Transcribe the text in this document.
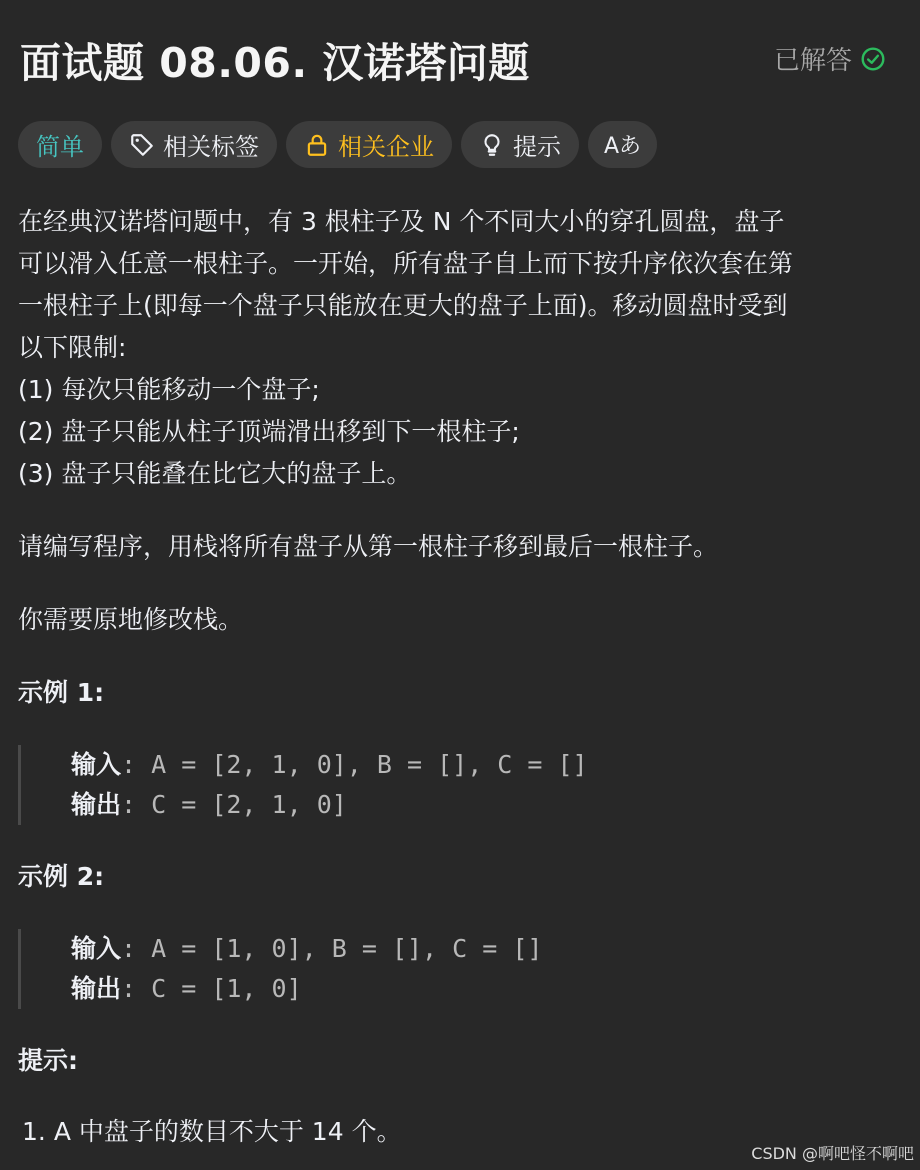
面试题 08.06. 汉诺塔问题	已解答
简单	相关标签	相关企业	提示 Aあ

在经典汉诺塔问题中，有 3 根柱子及 N 个不同大小的穿孔圆盘，盘子

可以滑入任意一根柱子。一开始，所有盘子自上而下按升序依次套在第

一根柱子上(即每一个盘子只能放在更大的盘子上面)。移动圆盘时受到

以下限制:

(1) 每次只能移动一个盘子;

(2) 盘子只能从柱子顶端滑出移到下一根柱子;

(3) 盘子只能叠在比它大的盘子上。

请编写程序，用栈将所有盘子从第一根柱子移到最后一根柱子。

你需要原地修改栈。

示例 1:

输入: A = [2, 1, 0], B = [], C = []
输出: C = [2, 1, 0]

示例 2:

输入: A = [1, 0], B = [], C = []
输出: C = [1, 0]

提示:

1. A 中盘子的数目不大于 14 个。
CSDN @啊吧怪不啊吧
